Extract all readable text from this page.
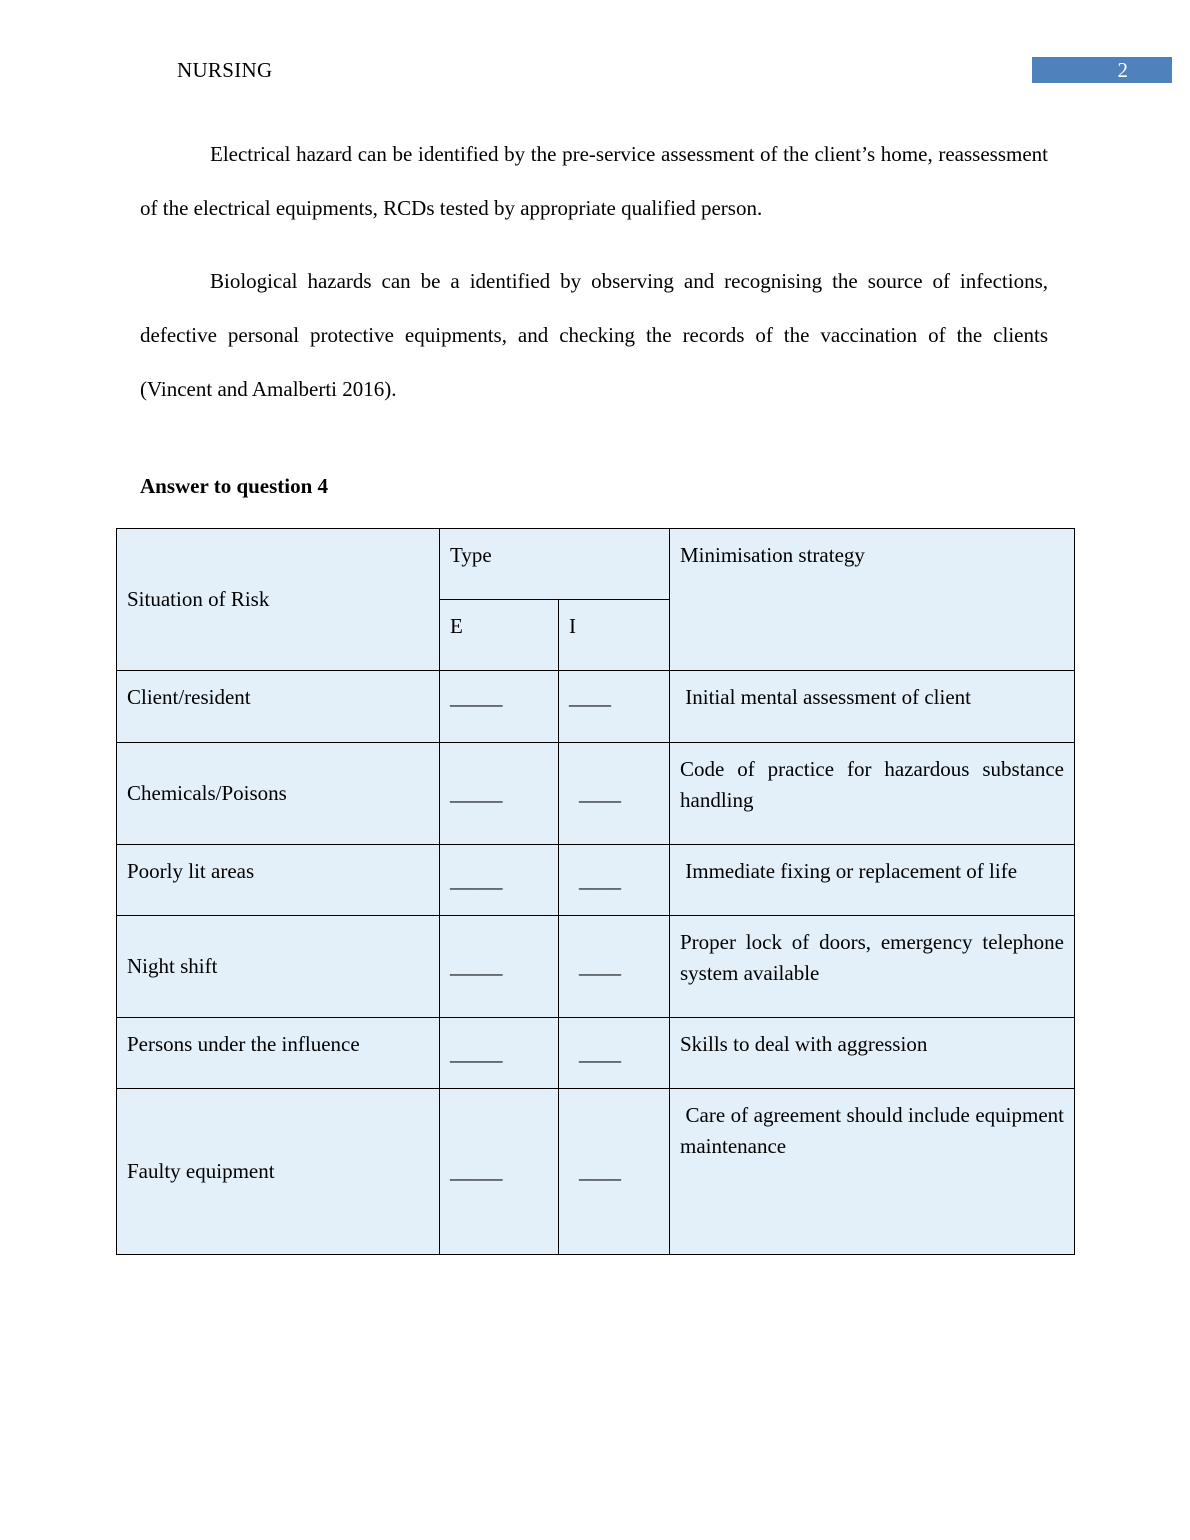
NURSING	2

Electrical hazard can be identified by the pre-service assessment of the client’s home, reassessment of the electrical equipments, RCDs tested by appropriate qualified person.

Biological hazards can be a identified by observing and recognising the source of infections, defective personal protective equipments, and checking the records of the vaccination of the clients (Vincent and Amalberti 2016).

Answer to question 4
Situation of Risk	Type		Minimisation strategy
	E	I	
Client/resident	_____	____	Initial mental assessment of client
Chemicals/Poisons	_____	____	Code of practice for hazardous substance handling
Poorly lit areas	_____	____	Immediate fixing or replacement of life
Night shift	_____	____	Proper lock of doors, emergency telephone system available
Persons under the influence	_____	____	Skills to deal with aggression
Faulty equipment	_____	____	Care of agreement should include equipment maintenance
